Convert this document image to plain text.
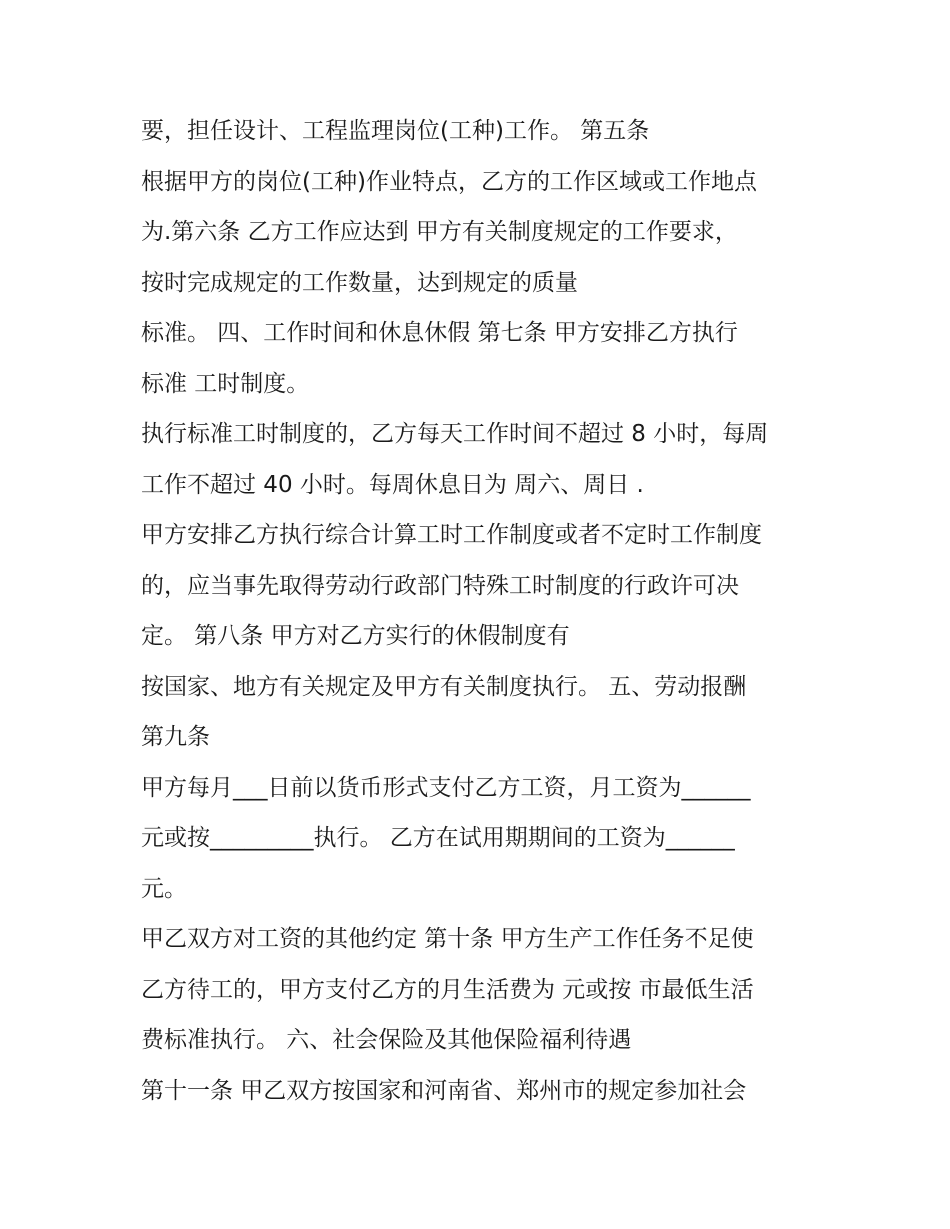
要，担任设计、工程监理岗位(工种)工作。 第五条
根据甲方的岗位(工种)作业特点，乙方的工作区域或工作地点
为.第六条 乙方工作应达到 甲方有关制度规定的工作要求，
按时完成规定的工作数量，达到规定的质量
标准。 四、工作时间和休息休假 第七条 甲方安排乙方执行
标准 工时制度。
执行标准工时制度的，乙方每天工作时间不超过 8 小时，每周
工作不超过 40 小时。每周休息日为 周六、周日 .
甲方安排乙方执行综合计算工时工作制度或者不定时工作制度
的，应当事先取得劳动行政部门特殊工时制度的行政许可决
定。 第八条 甲方对乙方实行的休假制度有
按国家、地方有关规定及甲方有关制度执行。 五、劳动报酬
第九条
甲方每月___日前以货币形式支付乙方工资，月工资为______
元或按_________执行。 乙方在试用期期间的工资为______
元。
甲乙双方对工资的其他约定 第十条 甲方生产工作任务不足使
乙方待工的，甲方支付乙方的月生活费为 元或按 市最低生活
费标准执行。 六、社会保险及其他保险福利待遇
第十一条 甲乙双方按国家和河南省、郑州市的规定参加社会
